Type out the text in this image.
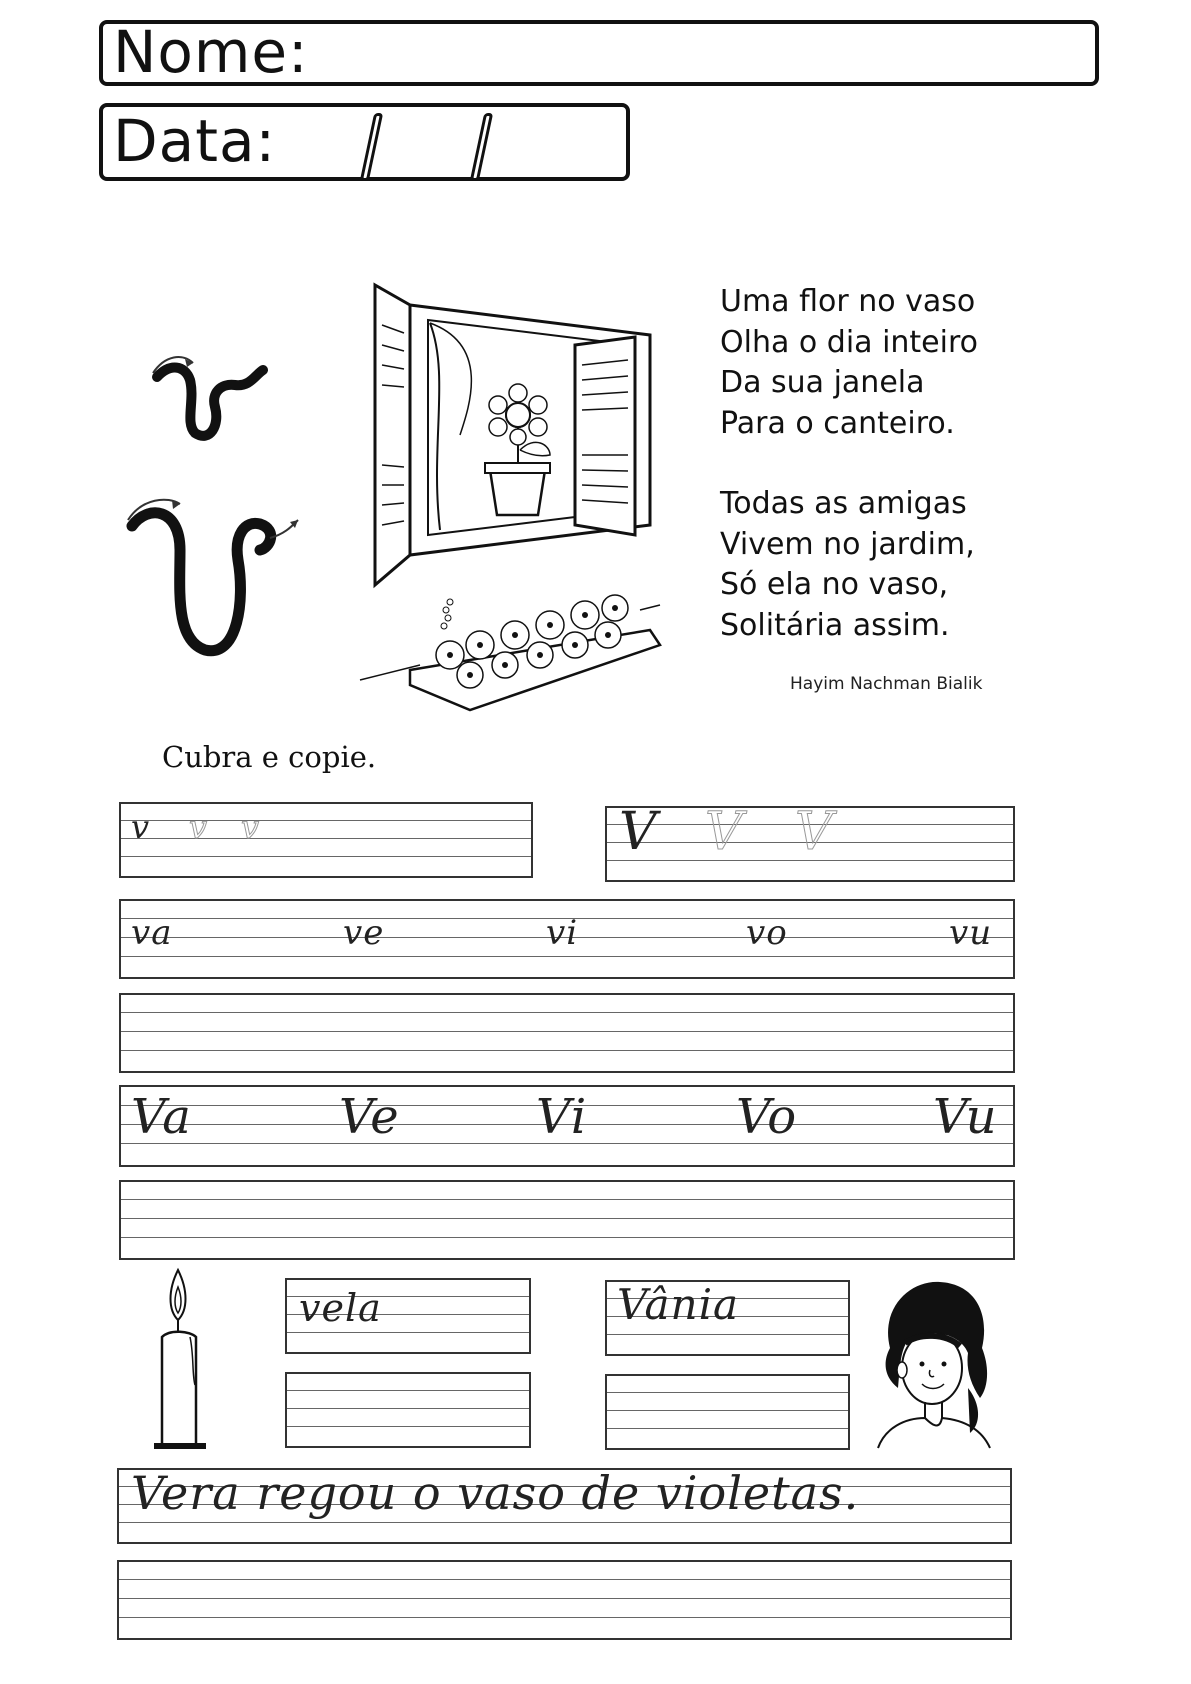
Nome:
Data:
Uma flor no vaso
Olha o dia inteiro
Da sua janela
Para o canteiro.
Todas as amigas
Vivem no jardim,
Só ela no vaso,
Solitária assim.
Hayim Nachman Bialik
Cubra e copie.
v v v	V V V
va	ve	vi	vo	vu
Va	Ve	Vi	Vo	Vu
vela	Vânia
Vera regou o vaso de violetas.
